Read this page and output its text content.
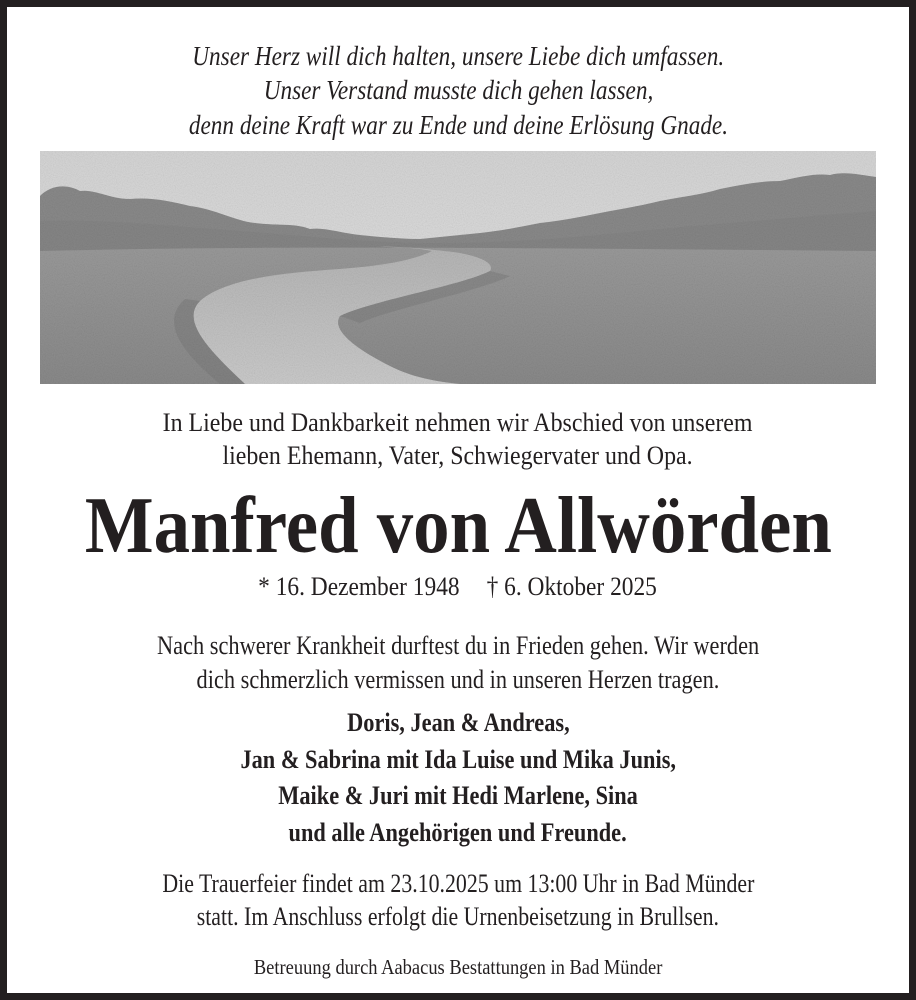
Unser Herz will dich halten, unsere Liebe dich umfassen.
Unser Verstand musste dich gehen lassen,
denn deine Kraft war zu Ende und deine Erlösung Gnade.
In Liebe und Dankbarkeit nehmen wir Abschied von unserem
lieben Ehemann, Vater, Schwiegervater und Opa.
Manfred von Allwörden
* 16. Dezember 1948 † 6. Oktober 2025
Nach schwerer Krankheit durftest du in Frieden gehen. Wir werden
dich schmerzlich vermissen und in unseren Herzen tragen.
Doris, Jean & Andreas,
Jan & Sabrina mit Ida Luise und Mika Junis,
Maike & Juri mit Hedi Marlene, Sina
und alle Angehörigen und Freunde.
Die Trauerfeier findet am 23.10.2025 um 13:00 Uhr in Bad Münder
statt. Im Anschluss erfolgt die Urnenbeisetzung in Brullsen.
Betreuung durch Aabacus Bestattungen in Bad Münder
